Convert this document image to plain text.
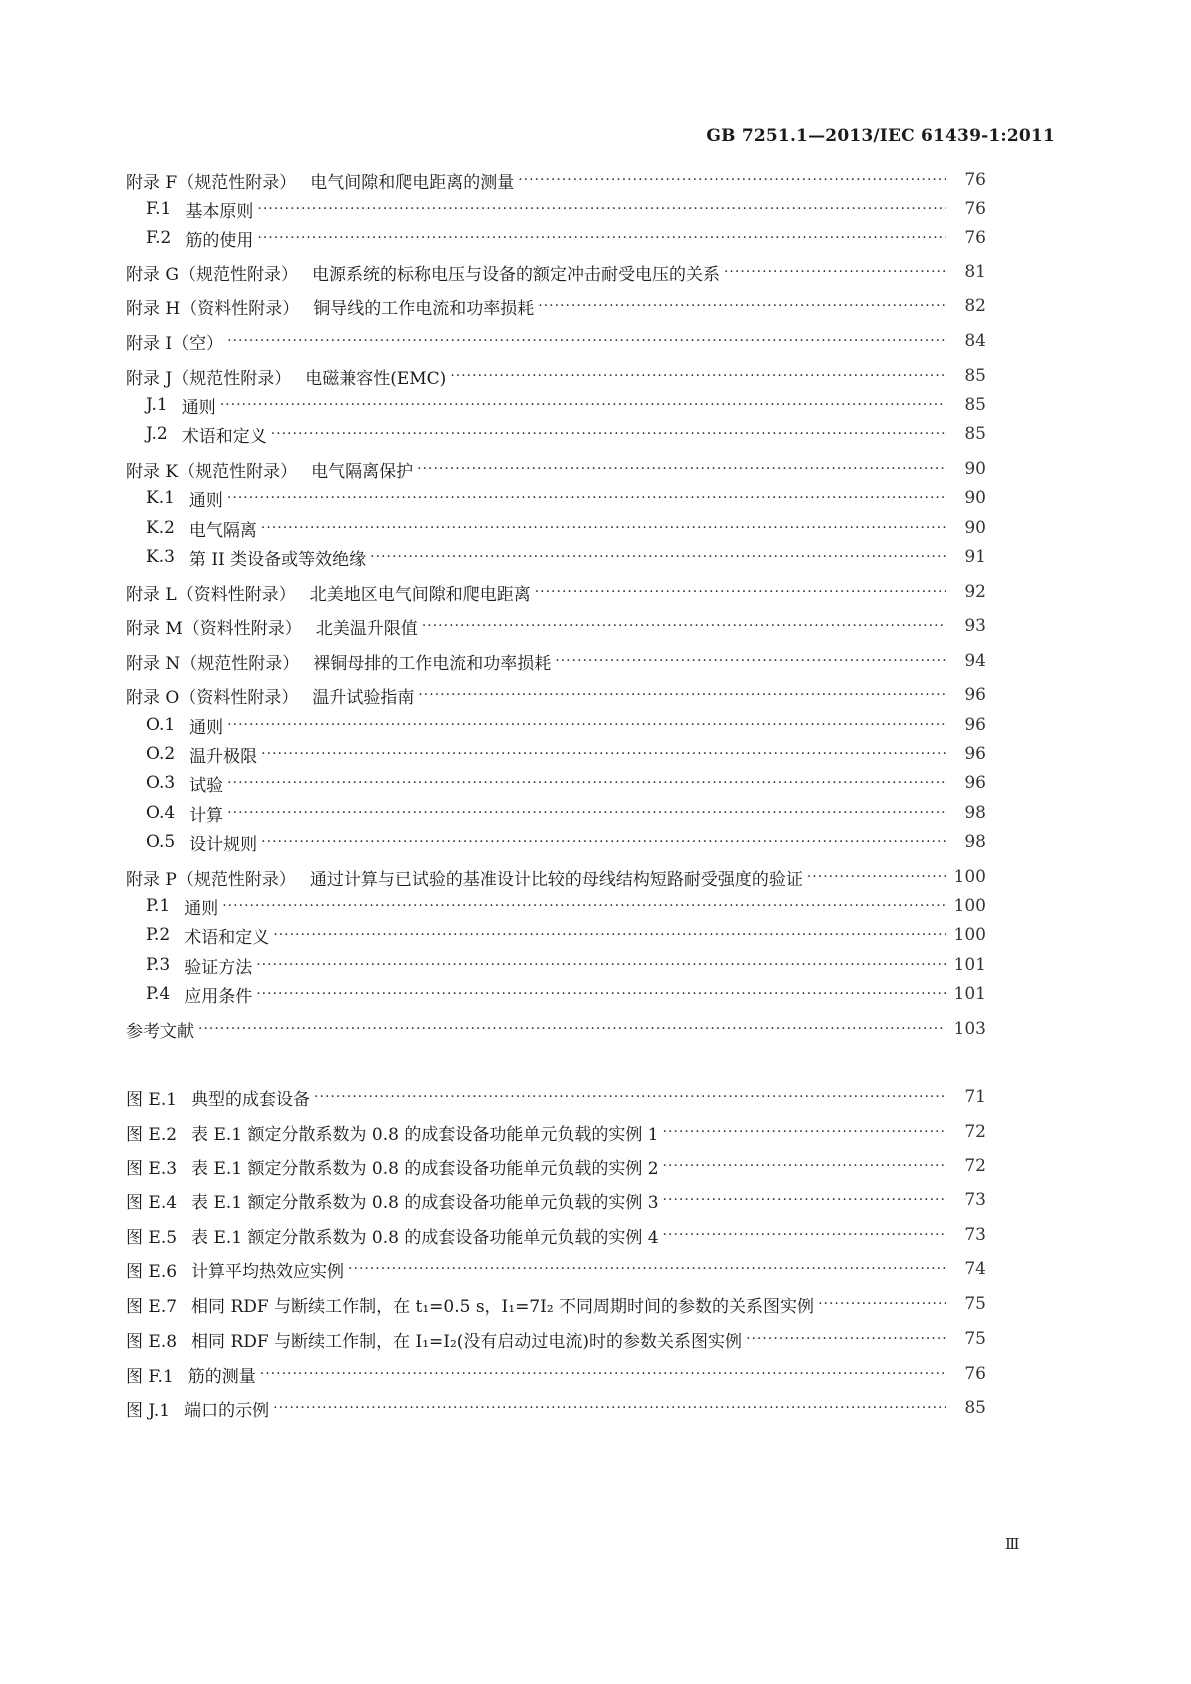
GB 7251.1—2013/IEC 61439-1:2011
附录 F（规范性附录） 电气间隙和爬电距离的测量 ·····	76
F.1 基本原则 ·····	76
F.2 筋的使用 ·····	76
附录 G（规范性附录） 电源系统的标称电压与设备的额定冲击耐受电压的关系 ·····	81
附录 H（资料性附录） 铜导线的工作电流和功率损耗 ·····	82
附录 I（空） ·····	84
附录 J（规范性附录） 电磁兼容性(EMC) ·····	85
J.1 通则 ·····	85
J.2 术语和定义 ·····	85
附录 K（规范性附录） 电气隔离保护 ·····	90
K.1 通则 ·····	90
K.2 电气隔离 ·····	90
K.3 第 II 类设备或等效绝缘 ·····	91
附录 L（资料性附录） 北美地区电气间隙和爬电距离 ·····	92
附录 M（资料性附录） 北美温升限值 ·····	93
附录 N（规范性附录） 裸铜母排的工作电流和功率损耗 ·····	94
附录 O（资料性附录） 温升试验指南 ·····	96
O.1 通则 ·····	96
O.2 温升极限 ·····	96
O.3 试验 ·····	96
O.4 计算 ·····	98
O.5 设计规则 ·····	98
附录 P（规范性附录） 通过计算与已试验的基准设计比较的母线结构短路耐受强度的验证 ·····	100
P.1 通则 ·····	100
P.2 术语和定义 ·····	100
P.3 验证方法 ·····	101
P.4 应用条件 ·····	101
参考文献 ·····	103
图 E.1 典型的成套设备 ·····	71
图 E.2 表 E.1 额定分散系数为 0.8 的成套设备功能单元负载的实例 1 ·····	72
图 E.3 表 E.1 额定分散系数为 0.8 的成套设备功能单元负载的实例 2 ·····	72
图 E.4 表 E.1 额定分散系数为 0.8 的成套设备功能单元负载的实例 3 ·····	73
图 E.5 表 E.1 额定分散系数为 0.8 的成套设备功能单元负载的实例 4 ·····	73
图 E.6 计算平均热效应实例 ·····	74
图 E.7 相同 RDF 与断续工作制，在 t₁=0.5 s，I₁=7I₂ 不同周期时间的参数的关系图实例 ·····	75
图 E.8 相同 RDF 与断续工作制，在 I₁=I₂(没有启动过电流)时的参数关系图实例 ·····	75
图 F.1 筋的测量 ·····	76
图 J.1 端口的示例 ·····	85
Ⅲ
